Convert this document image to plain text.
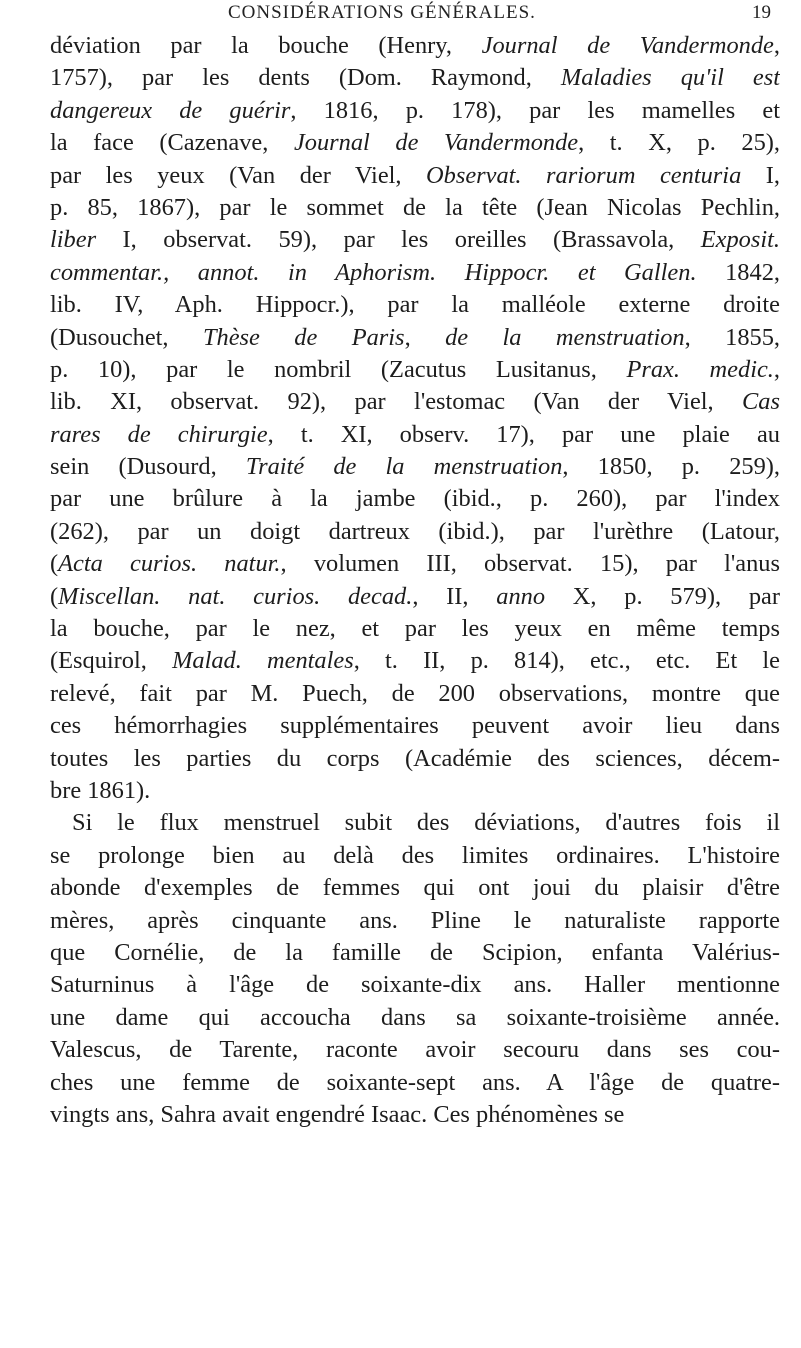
CONSIDÉRATIONS GÉNÉRALES.	19
déviation par la bouche (Henry, Journal de Vandermonde,
1757), par les dents (Dom. Raymond, Maladies qu'il est
dangereux de guérir, 1816, p. 178), par les mamelles et
la face (Cazenave, Journal de Vandermonde, t. X, p. 25),
par les yeux (Van der Viel, Observat. rariorum centuria I,
p. 85, 1867), par le sommet de la tête (Jean Nicolas Pechlin,
liber I, observat. 59), par les oreilles (Brassavola, Exposit.
commentar., annot. in Aphorism. Hippocr. et Gallen. 1842,
lib. IV, Aph. Hippocr.), par la malléole externe droite
(Dusouchet, Thèse de Paris, de la menstruation, 1855,
p. 10), par le nombril (Zacutus Lusitanus, Prax. medic.,
lib. XI, observat. 92), par l'estomac (Van der Viel, Cas
rares de chirurgie, t. XI, observ. 17), par une plaie au
sein (Dusourd, Traité de la menstruation, 1850, p. 259),
par une brûlure à la jambe (ibid., p. 260), par l'index
(262), par un doigt dartreux (ibid.), par l'urèthre (Latour,
(Acta curios. natur., volumen III, observat. 15), par l'anus
(Miscellan. nat. curios. decad., II, anno X, p. 579), par
la bouche, par le nez, et par les yeux en même temps
(Esquirol, Malad. mentales, t. II, p. 814), etc., etc. Et le
relevé, fait par M. Puech, de 200 observations, montre que
ces hémorrhagies supplémentaires peuvent avoir lieu dans
toutes les parties du corps (Académie des sciences, décem-
bre 1861).
Si le flux menstruel subit des déviations, d'autres fois il
se prolonge bien au delà des limites ordinaires. L'histoire
abonde d'exemples de femmes qui ont joui du plaisir d'être
mères, après cinquante ans. Pline le naturaliste rapporte
que Cornélie, de la famille de Scipion, enfanta Valérius-
Saturninus à l'âge de soixante-dix ans. Haller mentionne
une dame qui accoucha dans sa soixante-troisième année.
Valescus, de Tarente, raconte avoir secouru dans ses cou-
ches une femme de soixante-sept ans. A l'âge de quatre-
vingts ans, Sahra avait engendré Isaac. Ces phénomènes se
